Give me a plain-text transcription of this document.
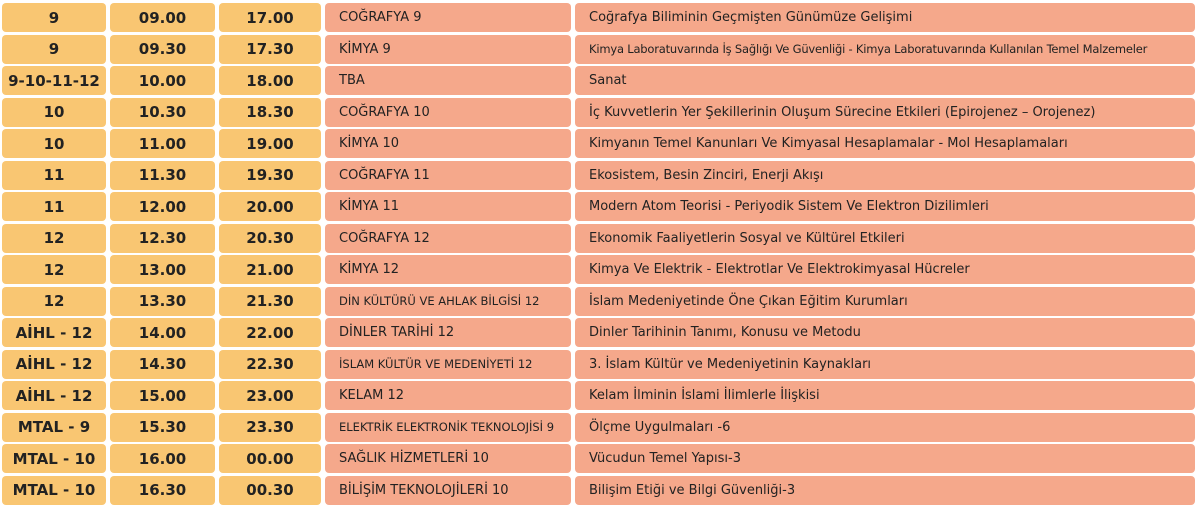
9	09.00	17.00	COĞRAFYA 9	Coğrafya Biliminin Geçmişten Günümüze Gelişimi
9	09.30	17.30	KİMYA 9	Kimya Laboratuvarında İş Sağlığı Ve Güvenliği - Kimya Laboratuvarında Kullanılan Temel Malzemeler
9-10-11-12	10.00	18.00	TBA	Sanat
10	10.30	18.30	COĞRAFYA 10	İç Kuvvetlerin Yer Şekillerinin Oluşum Sürecine Etkileri (Epirojenez – Orojenez)
10	11.00	19.00	KİMYA 10	Kimyanın Temel Kanunları Ve Kimyasal Hesaplamalar - Mol Hesaplamaları
11	11.30	19.30	COĞRAFYA 11	Ekosistem, Besin Zinciri, Enerji Akışı
11	12.00	20.00	KİMYA 11	Modern Atom Teorisi - Periyodik Sistem Ve Elektron Dizilimleri
12	12.30	20.30	COĞRAFYA 12	Ekonomik Faaliyetlerin Sosyal ve Kültürel Etkileri
12	13.00	21.00	KİMYA 12	Kimya Ve Elektrik - Elektrotlar Ve Elektrokimyasal Hücreler
12	13.30	21.30	DİN KÜLTÜRÜ VE AHLAK BİLGİSİ 12	İslam Medeniyetinde Öne Çıkan Eğitim Kurumları
AİHL - 12	14.00	22.00	DİNLER TARİHİ 12	Dinler Tarihinin Tanımı, Konusu ve Metodu
AİHL - 12	14.30	22.30	İSLAM KÜLTÜR VE MEDENİYETİ 12	3. İslam Kültür ve Medeniyetinin Kaynakları
AİHL - 12	15.00	23.00	KELAM 12	Kelam İlminin İslami İlimlerle İlişkisi
MTAL - 9	15.30	23.30	ELEKTRİK ELEKTRONİK TEKNOLOJİSİ 9	Ölçme Uygulmaları -6
MTAL - 10	16.00	00.00	SAĞLIK HİZMETLERİ 10	Vücudun Temel Yapısı-3
MTAL - 10	16.30	00.30	BİLİŞİM TEKNOLOJİLERİ 10	Bilişim Etiği ve Bilgi Güvenliği-3
